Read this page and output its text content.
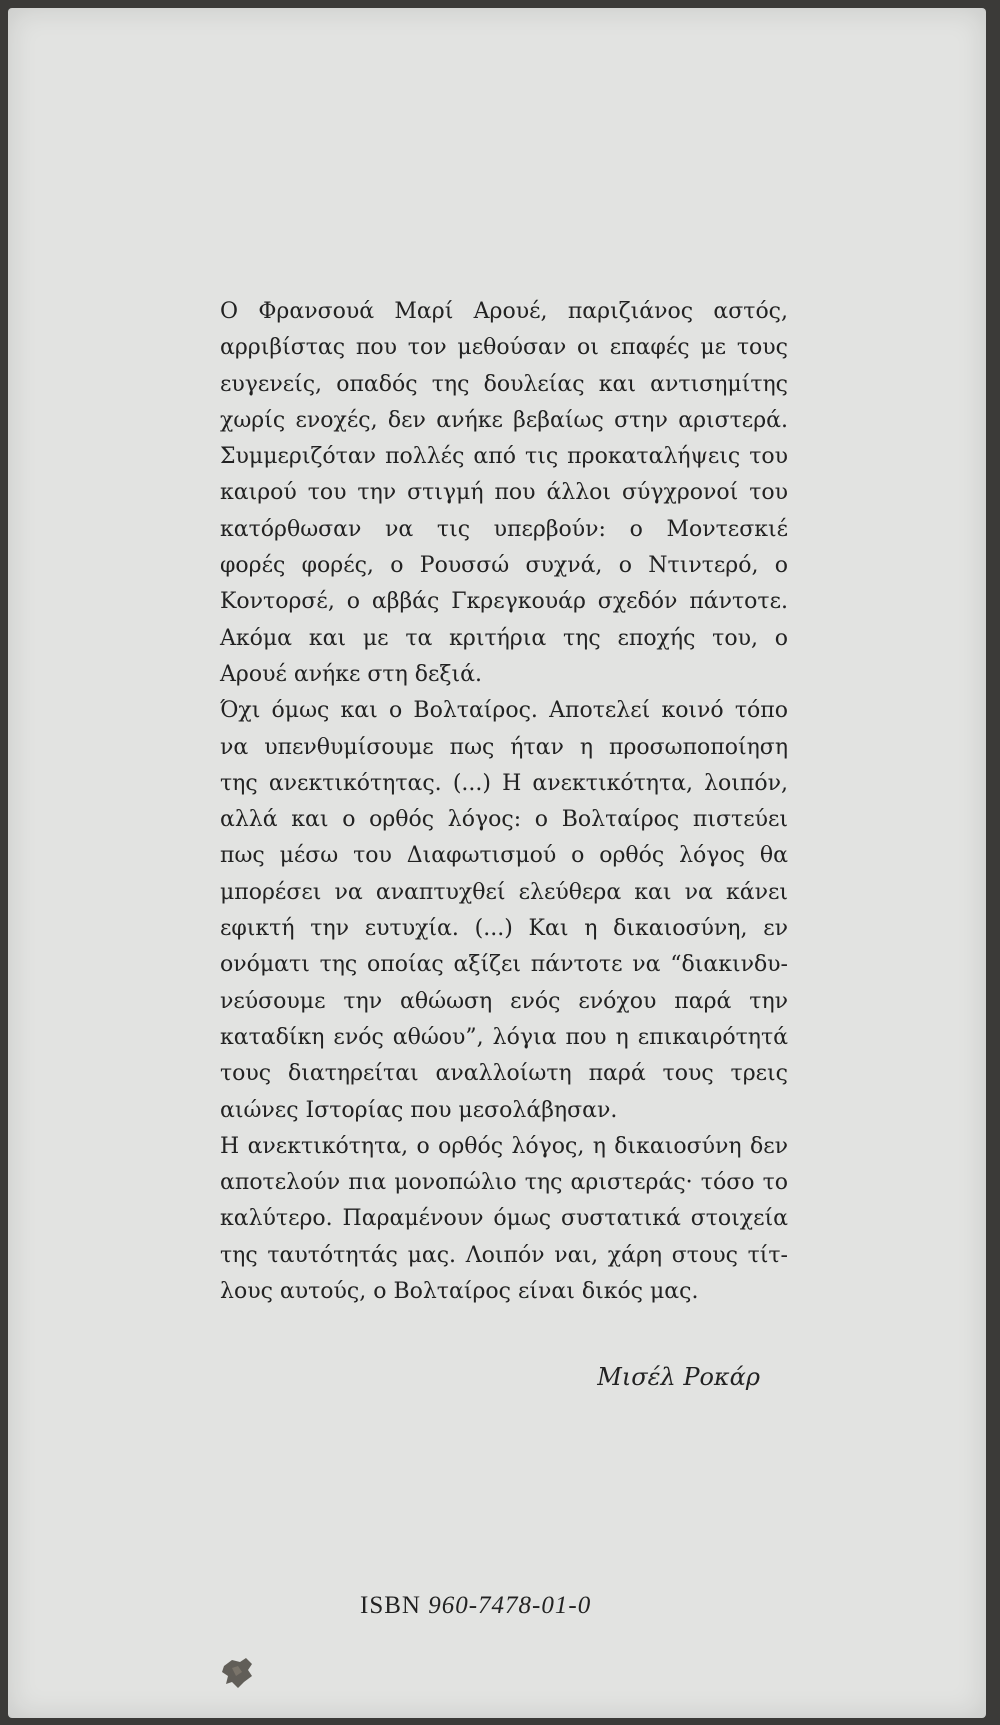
Ο Φρανσουά Μαρί Αρουέ, παριζιάνος αστός,
αρριβίστας που τον μεθούσαν οι επαφές με τους
ευγενείς, οπαδός της δουλείας και αντισημίτης
χωρίς ενοχές, δεν ανήκε βεβαίως στην αριστερά.
Συμμεριζόταν πολλές από τις προκαταλήψεις του
καιρού του την στιγμή που άλλοι σύγχρονοί του
κατόρθωσαν να τις υπερβούν: ο Μοντεσκιέ
φορές φορές, ο Ρουσσώ συχνά, ο Ντιντερό, ο
Κοντορσέ, ο αββάς Γκρεγκουάρ σχεδόν πάντοτε.
Ακόμα και με τα κριτήρια της εποχής του, ο
Αρουέ ανήκε στη δεξιά.
Όχι όμως και ο Βολταίρος. Αποτελεί κοινό τόπο
να υπενθυμίσουμε πως ήταν η προσωποποίηση
της ανεκτικότητας. (...) Η ανεκτικότητα, λοιπόν,
αλλά και ο ορθός λόγος: ο Βολταίρος πιστεύει
πως μέσω του Διαφωτισμού ο ορθός λόγος θα
μπορέσει να αναπτυχθεί ελεύθερα και να κάνει
εφικτή την ευτυχία. (...) Και η δικαιοσύνη, εν
ονόματι της οποίας αξίζει πάντοτε να “διακινδυ-
νεύσουμε την αθώωση ενός ενόχου παρά την
καταδίκη ενός αθώου”, λόγια που η επικαιρότητά
τους διατηρείται αναλλοίωτη παρά τους τρεις
αιώνες Ιστορίας που μεσολάβησαν.
Η ανεκτικότητα, ο ορθός λόγος, η δικαιοσύνη δεν
αποτελούν πια μονοπώλιο της αριστεράς· τόσο το
καλύτερο. Παραμένουν όμως συστατικά στοιχεία
της ταυτότητάς μας. Λοιπόν ναι, χάρη στους τίτ-
λους αυτούς, ο Βολταίρος είναι δικός μας.
Μισέλ Ροκάρ
ISBN 960-7478-01-0
